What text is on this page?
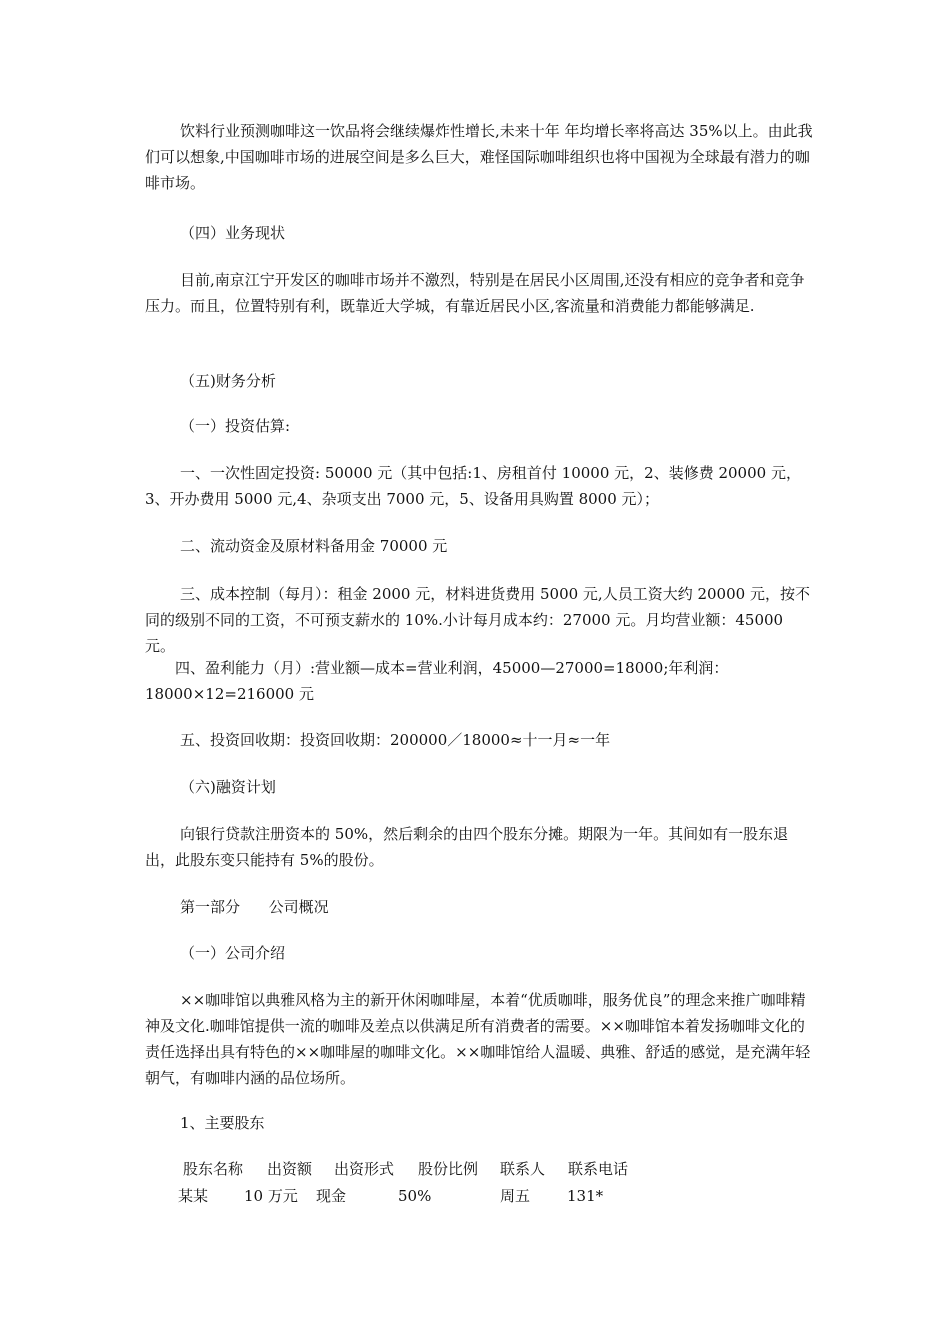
饮料行业预测咖啡这一饮品将会继续爆炸性增长,未来十年 年均增长率将高达 35%以上。由此我们可以想象,中国咖啡市场的进展空间是多么巨大，难怪国际咖啡组织也将中国视为全球最有潜力的咖啡市场。

（四）业务现状

目前,南京江宁开发区的咖啡市场并不激烈，特别是在居民小区周围,还没有相应的竞争者和竞争压力。而且，位置特别有利，既靠近大学城，有靠近居民小区,客流量和消费能力都能够满足.

（五)财务分析

（一）投资估算:

一、一次性固定投资: 50000 元（其中包括:1、房租首付 10000 元，2、装修费 20000 元，3、开办费用 5000 元,4、杂项支出 7000 元，5、设备用具购置 8000 元）；

二、流动资金及原材料备用金 70000 元

三、成本控制（每月）：租金 2000 元，材料进货费用 5000 元,人员工资大约 20000 元，按不同的级别不同的工资，不可预支薪水的 10%.小计每月成本约：27000 元。月均营业额：45000 元。

四、盈利能力（月）:营业额—成本=营业利润，45000—27000=18000;年利润：18000×12=216000 元

五、投资回收期：投资回收期：200000／18000≈十一月≈一年

（六)融资计划

向银行贷款注册资本的 50%，然后剩余的由四个股东分摊。期限为一年。其间如有一股东退出，此股东变只能持有 5%的股份。

第一部分      公司概况

（一）公司介绍

××咖啡馆以典雅风格为主的新开休闲咖啡屋，本着“优质咖啡，服务优良”的理念来推广咖啡精神及文化.咖啡馆提供一流的咖啡及差点以供满足所有消费者的需要。××咖啡馆本着发扬咖啡文化的责任选择出具有特色的××咖啡屋的咖啡文化。××咖啡馆给人温暖、典雅、舒适的感觉，是充满年轻朝气，有咖啡内涵的品位场所。

1、主要股东

股东名称 出资额 出资形式 股份比例 联系人 联系电话
某某 10 万元 现金	50%	周五 131*
